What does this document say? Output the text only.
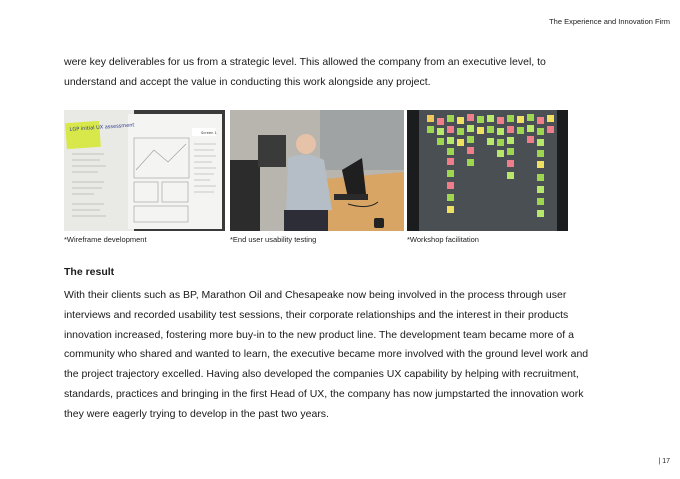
The Experience and Innovation Firm

were key deliverables for us from a strategic level. This allowed the company from an executive level, to understand and accept the value in conducting this work alongside any project.

LGP initial UX assessment
Screen 1
*Wireframe development	*End user usability testing	*Workshop facilitation
The result

With their clients such as BP, Marathon Oil and Chesapeake now being involved in the process through user interviews and recorded usability test sessions, their corporate relationships and the interest in their products innovation increased, fostering more buy-in to the new product line. The development team became more of a community who shared and wanted to learn, the executive became more involved with the ground level work and the project trajectory excelled. Having also developed the companies UX capability by helping with recruitment, standards, practices and bringing in the first Head of UX, the company has now jumpstarted the innovation work they were eagerly trying to develop in the past two years.

| 17
